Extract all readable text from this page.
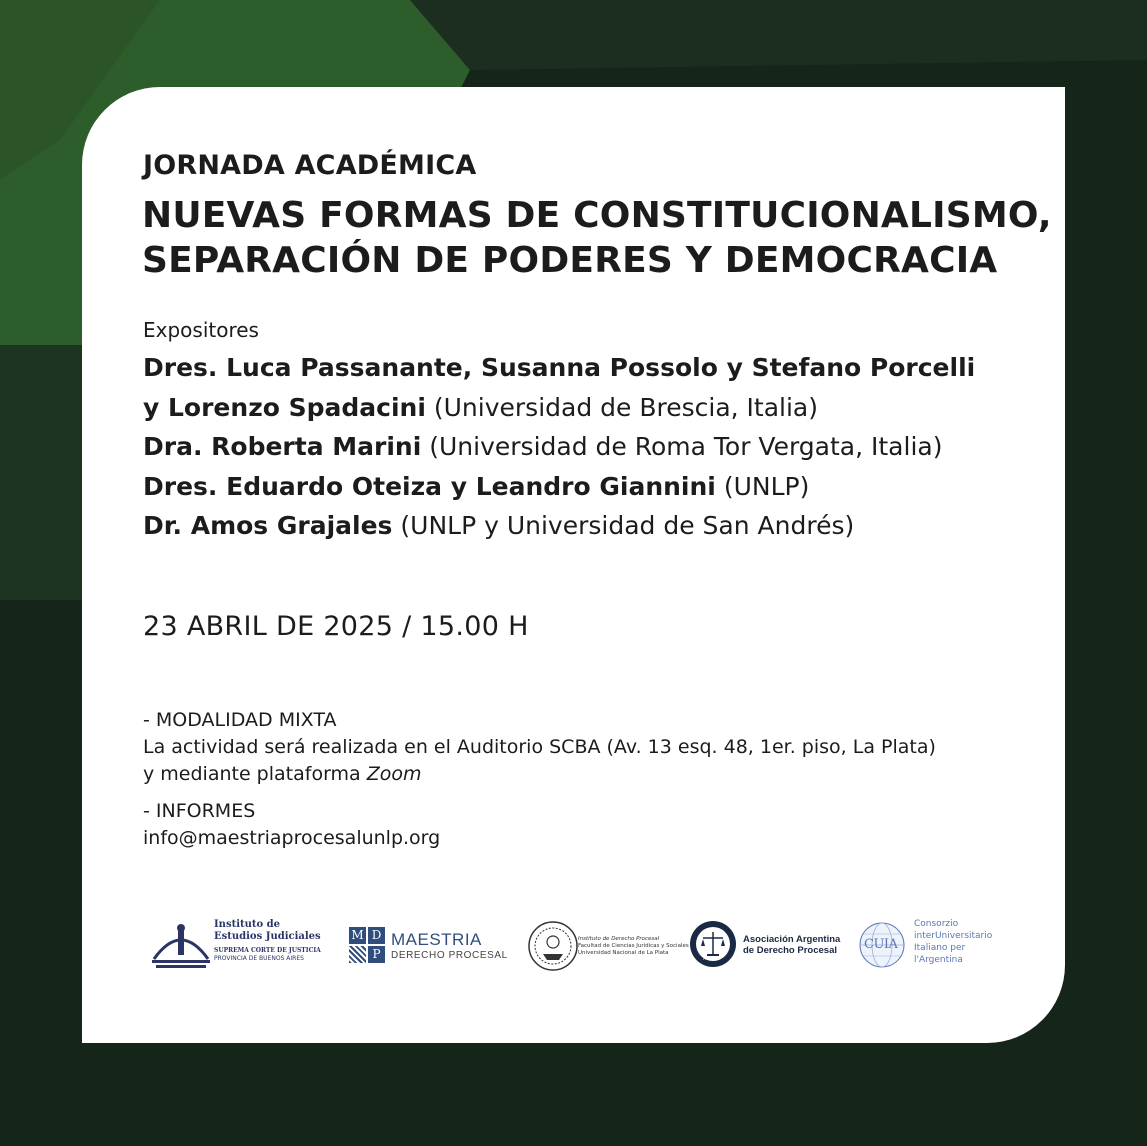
JORNADA ACADÉMICA
NUEVAS FORMAS DE CONSTITUCIONALISMO,
SEPARACIÓN DE PODERES Y DEMOCRACIA
Expositores
Dres. Luca Passanante, Susanna Possolo y Stefano Porcelli
y Lorenzo Spadacini (Universidad de Brescia, Italia)
Dra. Roberta Marini (Universidad de Roma Tor Vergata, Italia)
Dres. Eduardo Oteiza y Leandro Giannini (UNLP)
Dr. Amos Grajales (UNLP y Universidad de San Andrés)
23 ABRIL DE 2025 / 15.00 H
- MODALIDAD MIXTA
La actividad será realizada en el Auditorio SCBA (Av. 13 esq. 48, 1er. piso, La Plata)
y mediante plataforma Zoom
- INFORMES
info@maestriaprocesalunlp.org
Instituto de
Estudios Judiciales
SUPREMA CORTE DE JUSTICIA
PROVINCIA DE BUENOS AIRES
M D
P
MAESTRIA
DERECHO PROCESAL
Instituto de Derecho Procesal
Facultad de Ciencias Jurídicas y Sociales
Universidad Nacional de La Plata
AADP
Asociación Argentina
de Derecho Procesal CUIA
Consorzio
interUniversitario
Italiano per
l'Argentina
